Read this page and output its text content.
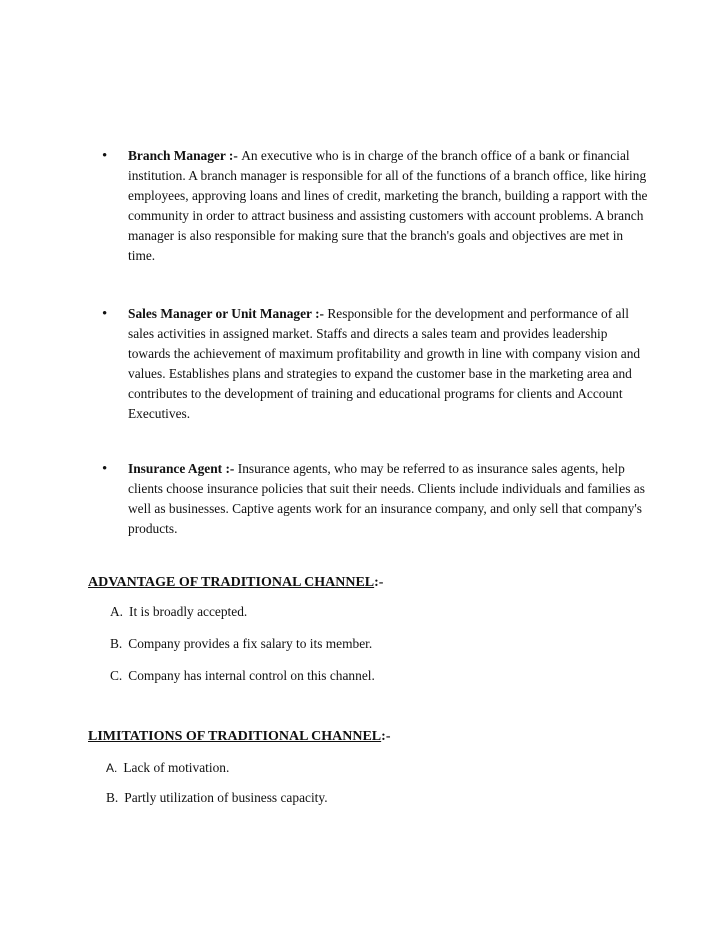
• Branch Manager :- An executive who is in charge of the branch office of a bank or financial institution. A branch manager is responsible for all of the functions of a branch office, like hiring employees, approving loans and lines of credit, marketing the branch, building a rapport with the community in order to attract business and assisting customers with account problems. A branch manager is also responsible for making sure that the branch's goals and objectives are met in time.
• Sales Manager or Unit Manager :- Responsible for the development and performance of all sales activities in assigned market. Staffs and directs a sales team and provides leadership towards the achievement of maximum profitability and growth in line with company vision and values. Establishes plans and strategies to expand the customer base in the marketing area and contributes to the development of training and educational programs for clients and Account Executives.
• Insurance Agent :- Insurance agents, who may be referred to as insurance sales agents, help clients choose insurance policies that suit their needs. Clients include individuals and families as well as businesses. Captive agents work for an insurance company, and only sell that company's products.
ADVANTAGE OF TRADITIONAL CHANNEL:-
A. It is broadly accepted.
B. Company provides a fix salary to its member.
C. Company has internal control on this channel.
LIMITATIONS OF TRADITIONAL CHANNEL:-
A. Lack of motivation.
B. Partly utilization of business capacity.
